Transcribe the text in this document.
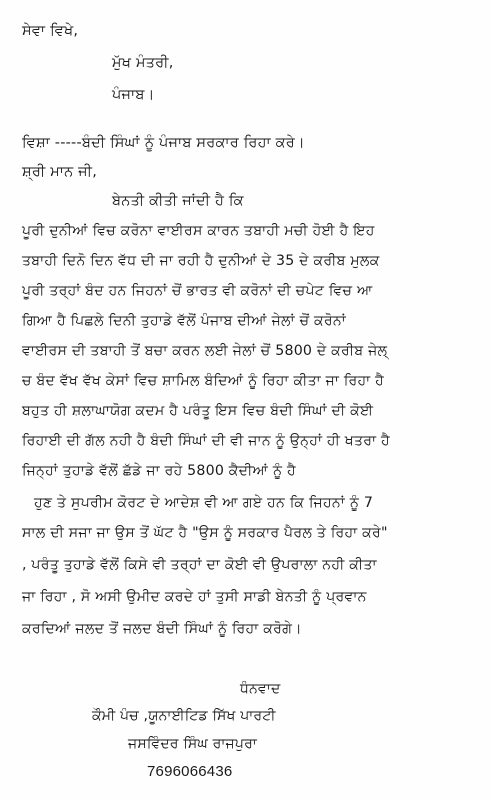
ਸੇਵਾ ਵਿਖੇ,
ਮੁੱਖ ਮੰਤਰੀ,
ਪੰਜਾਬ।
ਵਿਸ਼ਾ -----ਬੰਦੀ ਸਿੰਘਾਂ ਨੂੰ ਪੰਜਾਬ ਸਰਕਾਰ ਰਿਹਾ ਕਰੇ।
ਸ਼੍ਰੀ ਮਾਨ ਜੀ,
ਬੇਨਤੀ ਕੀਤੀ ਜਾਂਦੀ ਹੈ ਕਿ
ਪੂਰੀ ਦੁਨੀਆਂ ਵਿਚ ਕਰੋਨਾ ਵਾਈਰਸ ਕਾਰਨ ਤਬਾਹੀ ਮਚੀ ਹੋਈ ਹੈ ਇਹ
ਤਬਾਹੀ ਦਿਨੋ ਦਿਨ ਵੱਧ ਦੀ ਜਾ ਰਹੀ ਹੈ ਦੁਨੀਆਂ ਦੇ 35 ਦੇ ਕਰੀਬ ਮੁਲਕ
ਪੂਰੀ ਤਰ੍ਹਾਂ ਬੰਦ ਹਨ ਜਿਹਨਾਂ ਚੋਂ ਭਾਰਤ ਵੀ ਕਰੋਨਾਂ ਦੀ ਚਪੇਟ ਵਿਚ ਆ
ਗਿਆ ਹੈ ਪਿਛਲੇ ਦਿਨੀ ਤੁਹਾਡੇ ਵੱਲੋਂ ਪੰਜਾਬ ਦੀਆਂ ਜੇਲਾਂ ਚੋਂ ਕਰੋਨਾਂ
ਵਾਈਰਸ ਦੀ ਤਬਾਹੀ ਤੋਂ ਬਚਾ ਕਰਨ ਲਈ ਜੇਲਾਂ ਚੋਂ 5800 ਦੇ ਕਰੀਬ ਜੇਲ੍
ਚ ਬੰਦ ਵੱਖ ਵੱਖ ਕੇਸਾਂ ਵਿਚ ਸ਼ਾਮਿਲ ਬੰਦਿਆਂ ਨੂੰ ਰਿਹਾ ਕੀਤਾ ਜਾ ਰਿਹਾ ਹੈ
ਬਹੁਤ ਹੀ ਸ਼ਲਾਘਾਯੋਗ ਕਦਮ ਹੈ ਪਰੰਤੂ ਇਸ ਵਿਚ ਬੰਦੀ ਸਿੰਘਾਂ ਦੀ ਕੋਈ
ਰਿਹਾਈ ਦੀ ਗੱਲ ਨਹੀ ਹੈ ਬੰਦੀ ਸਿੰਘਾਂ ਦੀ ਵੀ ਜਾਨ ਨੂੰ ਉਨ੍ਹਾਂ ਹੀ ਖਤਰਾ ਹੈ
ਜਿਨ੍ਹਾਂ ਤੁਹਾਡੇ ਵੱਲੋਂ ਛੱਡੇ ਜਾ ਰਹੇ 5800 ਕੈਦੀਆਂ ਨੂੰ ਹੈ
ਹੁਣ ਤੇ ਸੁਪਰੀਮ ਕੋਰਟ ਦੇ ਆਦੇਸ਼ ਵੀ ਆ ਗਏ ਹਨ ਕਿ ਜਿਹਨਾਂ ਨੂੰ 7
ਸਾਲ ਦੀ ਸਜਾ ਜਾ ਉਸ ਤੋਂ ਘੱਟ ਹੈ "ਉਸ ਨੂੰ ਸਰਕਾਰ ਪੈਰਲ ਤੇ ਰਿਹਾ ਕਰੇ"
, ਪਰੰਤੂ ਤੁਹਾਡੇ ਵੱਲੋਂ ਕਿਸੇ ਵੀ ਤਰ੍ਹਾਂ ਦਾ ਕੋਈ ਵੀ ਉਪਰਾਲਾ ਨਹੀ ਕੀਤਾ
ਜਾ ਰਿਹਾ , ਸੋ ਅਸੀ ਉਮੀਦ ਕਰਦੇ ਹਾਂ ਤੁਸੀ ਸਾਡੀ ਬੇਨਤੀ ਨੂੰ ਪ੍ਰਵਾਨ
ਕਰਦਿਆਂ ਜਲਦ ਤੋਂ ਜਲਦ ਬੰਦੀ ਸਿੰਘਾਂ ਨੂੰ ਰਿਹਾ ਕਰੋਗੇ।
ਧੰਨਵਾਦ
ਕੌਮੀ ਪੰਚ ,ਯੂਨਾਈਟਿਡ ਸਿੱਖ ਪਾਰਟੀ
ਜਸਵਿੰਦਰ ਸਿੰਘ ਰਾਜਪੁਰਾ
7696066436
